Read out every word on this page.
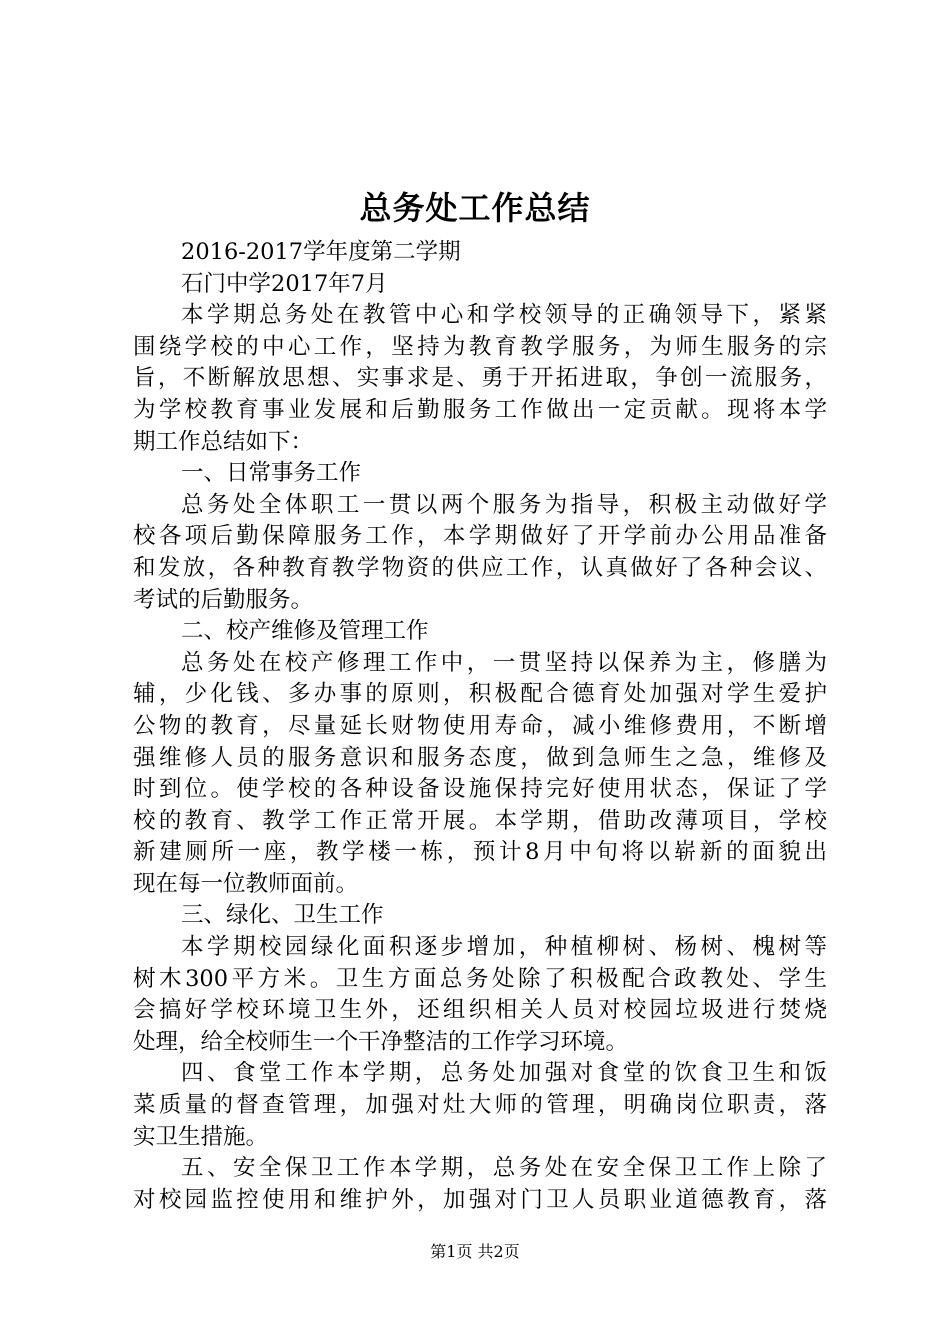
总务处工作总结
2016-2017学年度第二学期
石门中学2017年7月
本学期总务处在教管中心和学校领导的正确领导下，紧紧
围绕学校的中心工作，坚持为教育教学服务，为师生服务的宗
旨，不断解放思想、实事求是、勇于开拓进取，争创一流服务，
为学校教育事业发展和后勤服务工作做出一定贡献。现将本学
期工作总结如下：
一、日常事务工作
总务处全体职工一贯以两个服务为指导，积极主动做好学
校各项后勤保障服务工作，本学期做好了开学前办公用品准备
和发放，各种教育教学物资的供应工作，认真做好了各种会议、
考试的后勤服务。
二、校产维修及管理工作
总务处在校产修理工作中，一贯坚持以保养为主，修膳为
辅，少化钱、多办事的原则，积极配合德育处加强对学生爱护
公物的教育，尽量延长财物使用寿命，减小维修费用，不断增
强维修人员的服务意识和服务态度，做到急师生之急，维修及
时到位。使学校的各种设备设施保持完好使用状态，保证了学
校的教育、教学工作正常开展。本学期，借助改薄项目，学校
新建厕所一座，教学楼一栋，预计8月中旬将以崭新的面貌出
现在每一位教师面前。
三、绿化、卫生工作
本学期校园绿化面积逐步增加，种植柳树、杨树、槐树等
树木300平方米。卫生方面总务处除了积极配合政教处、学生
会搞好学校环境卫生外，还组织相关人员对校园垃圾进行焚烧
处理，给全校师生一个干净整洁的工作学习环境。
四、食堂工作本学期，总务处加强对食堂的饮食卫生和饭
菜质量的督查管理，加强对灶大师的管理，明确岗位职责，落
实卫生措施。
五、安全保卫工作本学期，总务处在安全保卫工作上除了
对校园监控使用和维护外，加强对门卫人员职业道德教育，落
第1页 共2页
